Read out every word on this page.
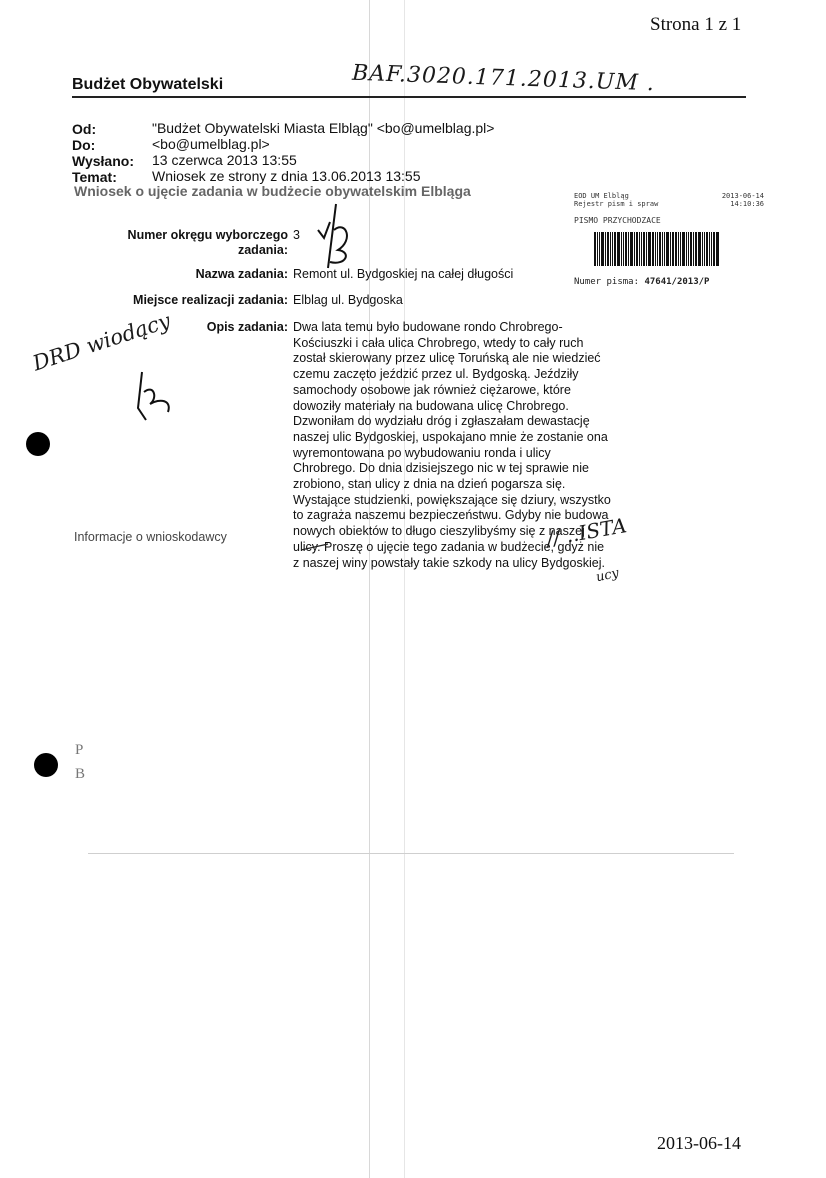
Strona 1 z 1
Budżet Obywatelski	BAF.3020.171.2013.UM .
Od:	"Budżet Obywatelski Miasta Elbląg" <bo@umelblag.pl>
Do:	<bo@umelblag.pl>
Wysłano: 13 czerwca 2013 13:55
Temat:	Wniosek ze strony z dnia 13.06.2013 13:55
Wniosek o ujęcie zadania w budżecie obywatelskim Elbląga	EOD UM Elbląg
Rejestr pism i spraw
2013-06-14
14:10:36
PISMO PRZYCHODZACE
Numer pisma: 47641/2013/P
Numer okręgu wyborczego
zadania:
3
Nazwa zadania: Remont ul. Bydgoskiej na całej długości
Miejsce realizacji zadania: Elblag ul. Bydgoska
Opis zadania: Dwa lata temu było budowane rondo Chrobrego- Kościuszki i cała ulica Chrobrego, wtedy to cały ruch został skierowany przez ulicę Toruńską ale nie wiedzieć czemu zaczęto jeździć przez ul. Bydgoską. Jeździły samochody osobowe jak również ciężarowe, które dowoziły materiały na budowana ulicę Chrobrego. Dzwoniłam do wydziału dróg i zgłaszałam dewastację naszej ulic Bydgoskiej, uspokajano mnie że zostanie ona wyremontowana po wybudowaniu ronda i ulicy Chrobrego. Do dnia dzisiejszego nic w tej sprawie nie zrobiono, stan ulicy z dnia na dzień pogarsza się. Wystające studzienki, powiększające się dziury, wszystko to zagraża naszemu bezpieczeństwu. Gdyby nie budowa nowych obiektów to długo cieszylibyśmy się z naszej ulicy. Proszę o ujęcie tego zadania w budżecie, gdyż nie z naszej winy powstały takie szkody na ulicy Bydgoskiej.
Informacje o wnioskodawcy
DRD wiodący
// ..ISTA
ucy
P
B
2013-06-14
